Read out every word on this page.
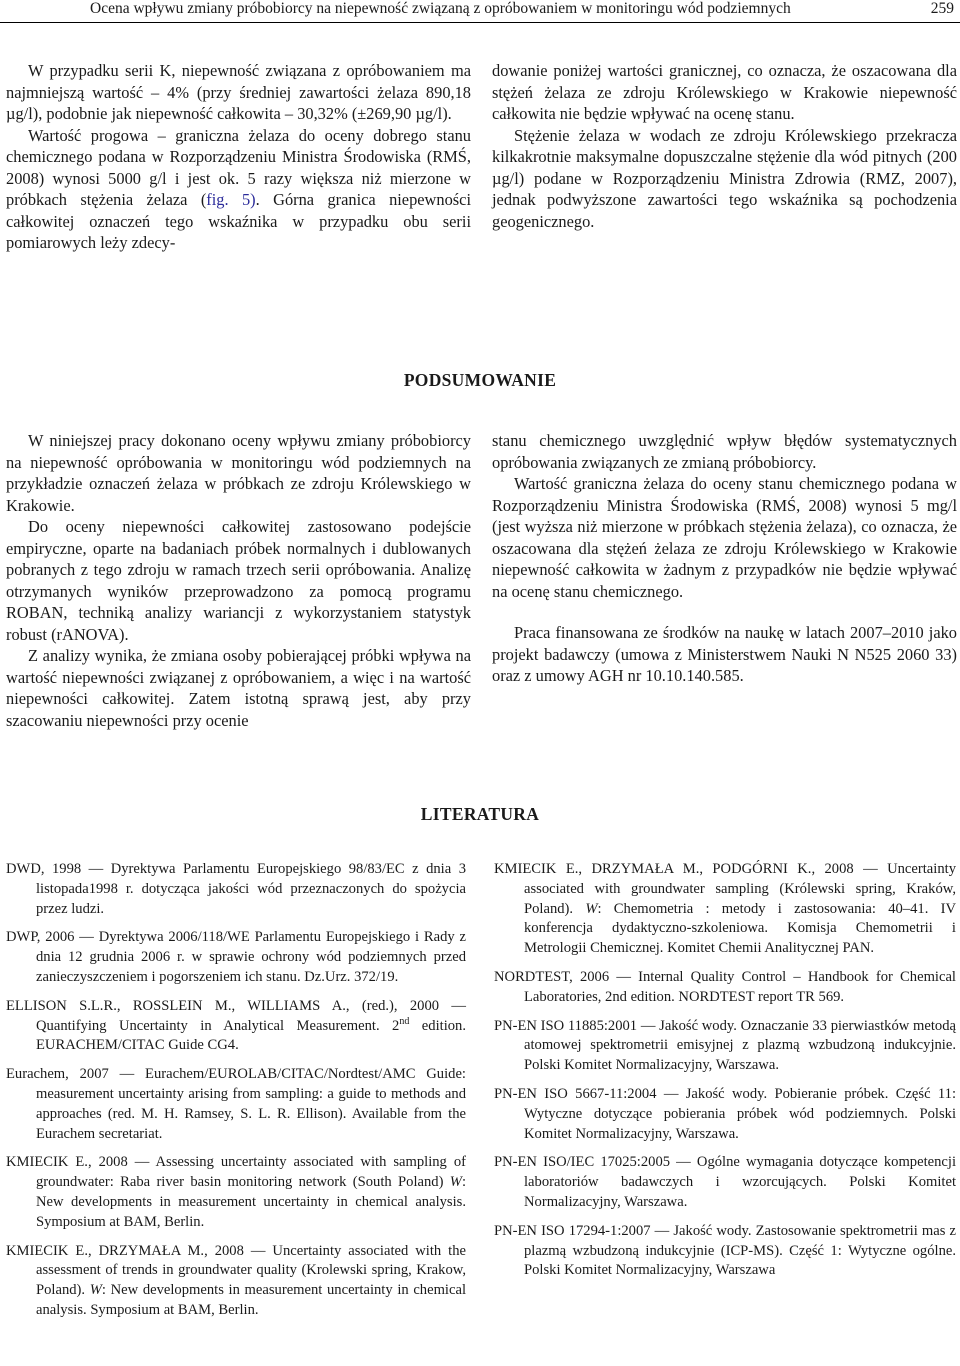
Ocena wpływu zmiany próbobiorcy na niepewność związaną z opróbowaniem w monitoringu wód podziemnych	259

W przypadku serii K, niepewność związana z opróbowaniem ma najmniejszą wartość – 4% (przy średniej zawartości żelaza 890,18 µg/l), podobnie jak niepewność całkowita – 30,32% (±269,90 µg/l).

Wartość progowa – graniczna żelaza do oceny dobrego stanu chemicznego podana w Rozporządzeniu Ministra Środowiska (RMŚ, 2008) wynosi 5000 g/l i jest ok. 5 razy większa niż mierzone w próbkach stężenia żelaza (fig. 5). Górna granica niepewności całkowitej oznaczeń tego wskaźnika w przypadku obu serii pomiarowych leży zdecy-

dowanie poniżej wartości granicznej, co oznacza, że oszacowana dla stężeń żelaza ze zdroju Królewskiego w Krakowie niepewność całkowita nie będzie wpływać na ocenę stanu.

Stężenie żelaza w wodach ze zdroju Królewskiego przekracza kilkakrotnie maksymalne dopuszczalne stężenie dla wód pitnych (200 µg/l) podane w Rozporządzeniu Ministra Zdrowia (RMZ, 2007), jednak podwyższone zawartości tego wskaźnika są pochodzenia geogenicznego.

PODSUMOWANIE

W niniejszej pracy dokonano oceny wpływu zmiany próbobiorcy na niepewność opróbowania w monitoringu wód podziemnych na przykładzie oznaczeń żelaza w próbkach ze zdroju Królewskiego w Krakowie.

Do oceny niepewności całkowitej zastosowano podejście empiryczne, oparte na badaniach próbek normalnych i dublowanych pobranych z tego zdroju w ramach trzech serii opróbowania. Analizę otrzymanych wyników przeprowadzono za pomocą programu ROBAN, techniką analizy wariancji z wykorzystaniem statystyk robust (rANOVA).

Z analizy wynika, że zmiana osoby pobierającej próbki wpływa na wartość niepewności związanej z opróbowaniem, a więc i na wartość niepewności całkowitej. Zatem istotną sprawą jest, aby przy szacowaniu niepewności przy ocenie

stanu chemicznego uwzględnić wpływ błędów systematycznych opróbowania związanych ze zmianą próbobiorcy.

Wartość graniczna żelaza do oceny stanu chemicznego podana w Rozporządzeniu Ministra Środowiska (RMŚ, 2008) wynosi 5 mg/l (jest wyższa niż mierzone w próbkach stężenia żelaza), co oznacza, że oszacowana dla stężeń żelaza ze zdroju Królewskiego w Krakowie niepewność całkowita w żadnym z przypadków nie będzie wpływać na ocenę stanu chemicznego.

Praca finansowana ze środków na naukę w latach 2007–2010 jako projekt badawczy (umowa z Ministerstwem Nauki N N525 2060 33) oraz z umowy AGH nr 10.10.140.585.

LITERATURA

DWD, 1998 — Dyrektywa Parlamentu Europejskiego 98/83/EC z dnia 3 listopada1998 r. dotycząca jakości wód przeznaczonych do spożycia przez ludzi.

DWP, 2006 — Dyrektywa 2006/118/WE Parlamentu Europejskiego i Rady z dnia 12 grudnia 2006 r. w sprawie ochrony wód podziemnych przed zanieczyszczeniem i pogorszeniem ich stanu. Dz.Urz. 372/19.

ELLISON S.L.R., ROSSLEIN M., WILLIAMS A., (red.), 2000 — Quantifying Uncertainty in Analytical Measurement. 2nd edition. EURACHEM/CITAC Guide CG4.

Eurachem, 2007 — Eurachem/EUROLAB/CITAC/Nordtest/AMC Guide: measurement uncertainty arising from sampling: a guide to methods and approaches (red. M. H. Ramsey, S. L. R. Ellison). Available from the Eurachem secretariat.

KMIECIK E., 2008 — Assessing uncertainty associated with sampling of groundwater: Raba river basin monitoring network (South Poland) W: New developments in measurement uncertainty in chemical analysis. Symposium at BAM, Berlin.

KMIECIK E., DRZYMAŁA M., 2008 — Uncertainty associated with the assessment of trends in groundwater quality (Krolewski spring, Krakow, Poland). W: New developments in measurement uncertainty in chemical analysis. Symposium at BAM, Berlin.

KMIECIK E., DRZYMAŁA M., PODGÓRNI K., 2008 — Uncertainty associated with groundwater sampling (Królewski spring, Kraków, Poland). W: Chemometria : metody i zastosowania: 40–41. IV konferencja dydaktyczno-szkoleniowa. Komisja Chemometrii i Metrologii Chemicznej. Komitet Chemii Analitycznej PAN.

NORDTEST, 2006 — Internal Quality Control – Handbook for Chemical Laboratories, 2nd edition. NORDTEST report TR 569.

PN-EN ISO 11885:2001 — Jakość wody. Oznaczanie 33 pierwiastków metodą atomowej spektrometrii emisyjnej z plazmą wzbudzoną indukcyjnie. Polski Komitet Normalizacyjny, Warszawa.

PN-EN ISO 5667-11:2004 — Jakość wody. Pobieranie próbek. Część 11: Wytyczne dotyczące pobierania próbek wód podziemnych. Polski Komitet Normalizacyjny, Warszawa.

PN-EN ISO/IEC 17025:2005 — Ogólne wymagania dotyczące kompetencji laboratoriów badawczych i wzorcujących. Polski Komitet Normalizacyjny, Warszawa.

PN-EN ISO 17294-1:2007 — Jakość wody. Zastosowanie spektrometrii mas z plazmą wzbudzoną indukcyjnie (ICP-MS). Część 1: Wytyczne ogólne. Polski Komitet Normalizacyjny, Warszawa
